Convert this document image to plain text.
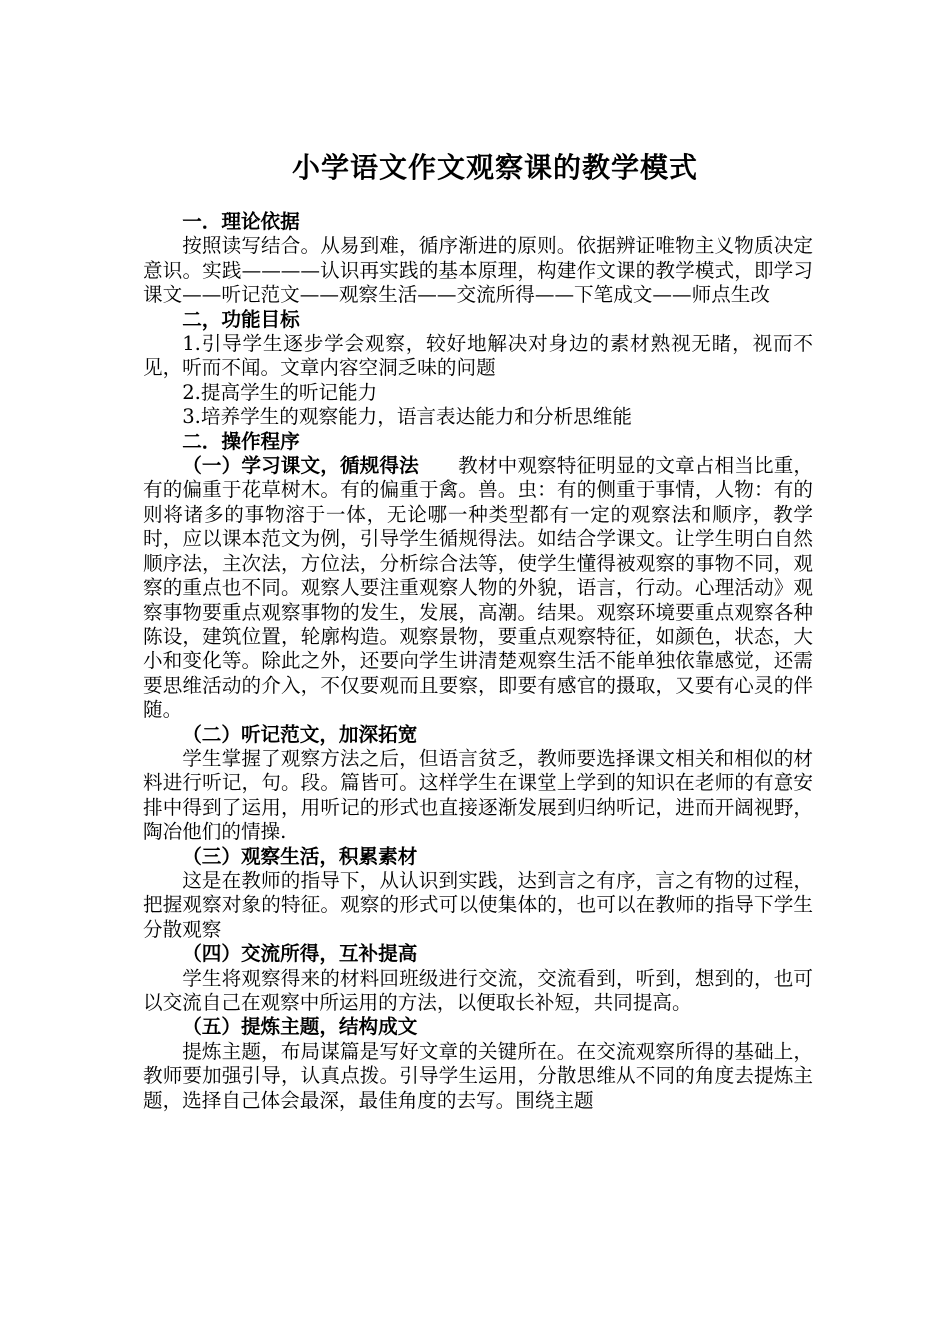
小学语文作文观察课的教学模式
一．理论依据

按照读写结合。从易到难，循序渐进的原则。依据辨证唯物主义物质决定意识。实践————认识再实践的基本原理，构建作文课的教学模式，即学习课文——听记范文——观察生活——交流所得——下笔成文——师点生改

二，功能目标

1.引导学生逐步学会观察，较好地解决对身边的素材熟视无睹，视而不见，听而不闻。文章内容空洞乏味的问题

2.提高学生的听记能力

3.培养学生的观察能力，语言表达能力和分析思维能

二．操作程序

（一）学习课文，循规得法 教材中观察特征明显的文章占相当比重，有的偏重于花草树木。有的偏重于禽。兽。虫：有的侧重于事情，人物：有的则将诸多的事物溶于一体，无论哪一种类型都有一定的观察法和顺序，教学时，应以课本范文为例，引导学生循规得法。如结合学课文。让学生明白自然顺序法，主次法，方位法，分析综合法等，使学生懂得被观察的事物不同，观察的重点也不同。观察人要注重观察人物的外貌，语言，行动。心理活动》观察事物要重点观察事物的发生，发展，高潮。结果。观察环境要重点观察各种陈设，建筑位置，轮廓构造。观察景物，要重点观察特征，如颜色，状态，大小和变化等。除此之外，还要向学生讲清楚观察生活不能单独依靠感觉，还需要思维活动的介入，不仅要观而且要察，即要有感官的摄取，又要有心灵的伴随。

（二）听记范文，加深拓宽

学生掌握了观察方法之后，但语言贫乏，教师要选择课文相关和相似的材料进行听记，句。段。篇皆可。这样学生在课堂上学到的知识在老师的有意安排中得到了运用，用听记的形式也直接逐渐发展到归纳听记，进而开阔视野，陶冶他们的情操.

（三）观察生活，积累素材

这是在教师的指导下，从认识到实践，达到言之有序，言之有物的过程，把握观察对象的特征。观察的形式可以使集体的，也可以在教师的指导下学生分散观察

（四）交流所得，互补提高

学生将观察得来的材料回班级进行交流，交流看到，听到，想到的，也可以交流自己在观察中所运用的方法，以便取长补短，共同提高。

（五）提炼主题，结构成文

提炼主题，布局谋篇是写好文章的关键所在。在交流观察所得的基础上，教师要加强引导，认真点拨。引导学生运用，分散思维从不同的角度去提炼主题，选择自己体会最深，最佳角度的去写。围绕主题
